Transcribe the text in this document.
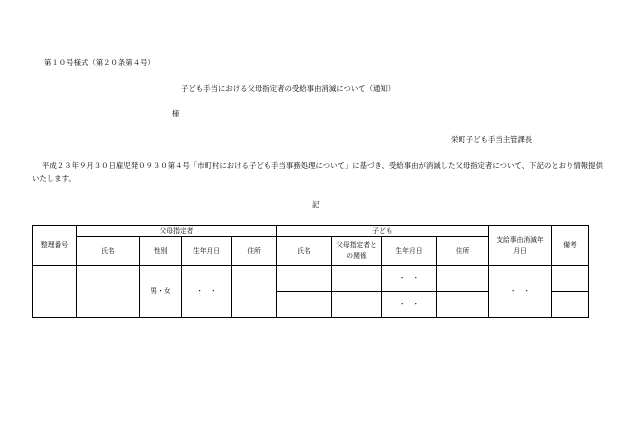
第１０号様式（第２０条第４号）
子ども手当における父母指定者の受給事由消滅について（通知）
様
栄町子ども手当主管課長
平成２３年９月３０日雇児発０９３０第４号「市町村における子ども手当事務処理について」に基づき、受給事由が消滅した父母指定者について、下記のとおり情報提供いたします。
記
整理番号	父母指定者				子ども				支給事由消滅年月日	備考
	氏名	性別	生年月日	住所	氏名	父母指定者との関係	生年月日	住所		
		男・女	・　・				・　・		・　・	
							・　・			
